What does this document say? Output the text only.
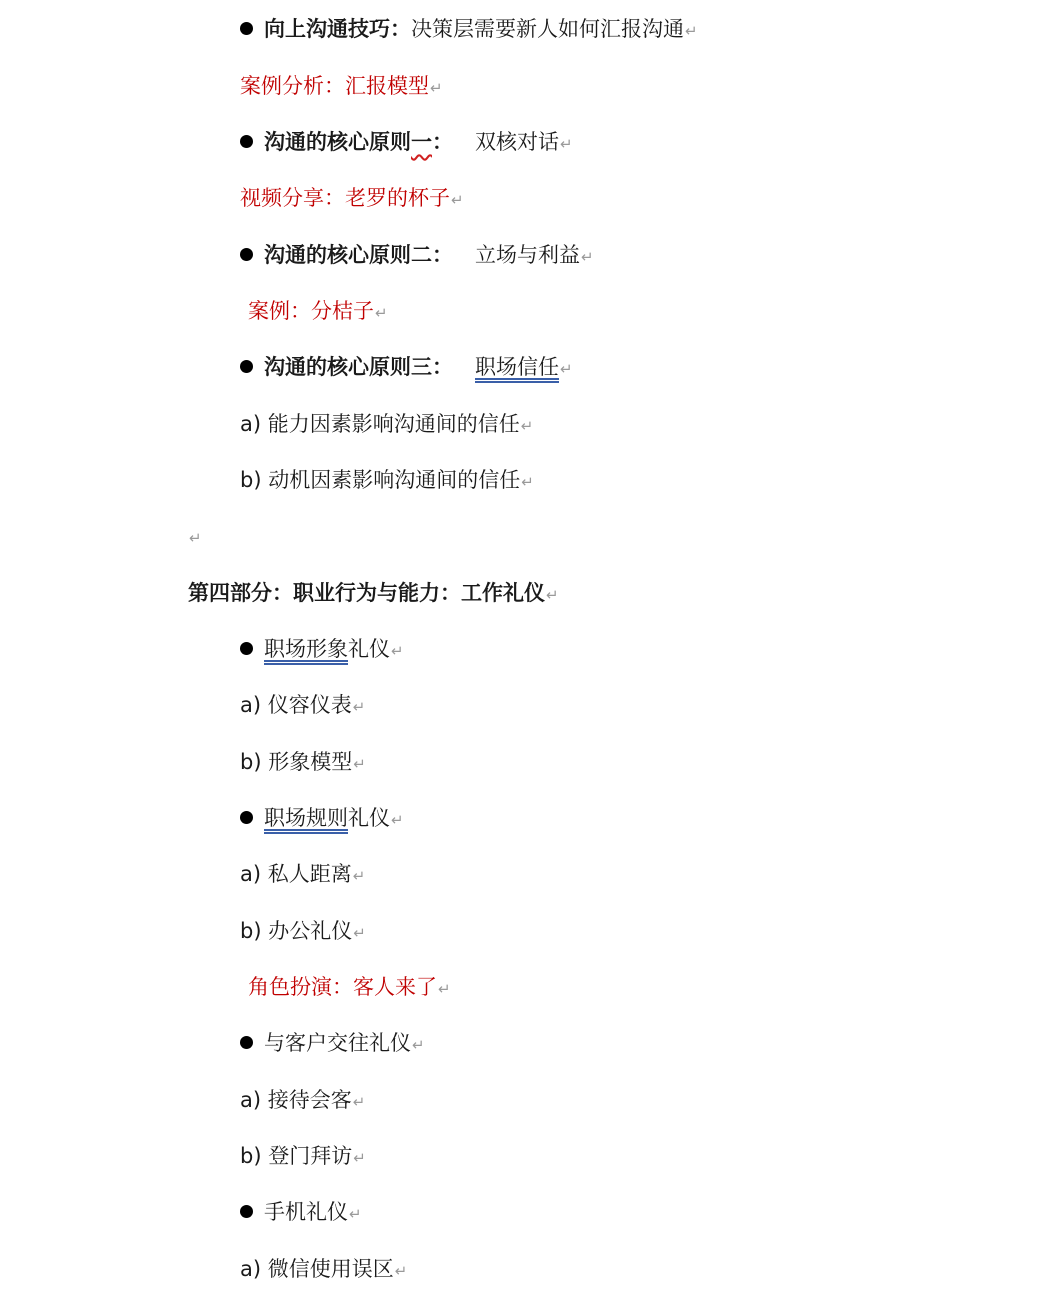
向上沟通技巧：决策层需要新人如何汇报沟通↵
案例分析：汇报模型↵
沟通的核心原则一： 双核对话↵
视频分享：老罗的杯子↵
沟通的核心原则二： 立场与利益↵
案例：分桔子↵
沟通的核心原则三： 职场信任↵
a) 能力因素影响沟通间的信任↵
b) 动机因素影响沟通间的信任↵
↵
第四部分：职业行为与能力：工作礼仪↵
职场形象礼仪↵
a) 仪容仪表↵
b) 形象模型↵
职场规则礼仪↵
a) 私人距离↵
b) 办公礼仪↵
角色扮演：客人来了↵
与客户交往礼仪↵
a) 接待会客↵
b) 登门拜访↵
手机礼仪↵
a) 微信使用误区↵
